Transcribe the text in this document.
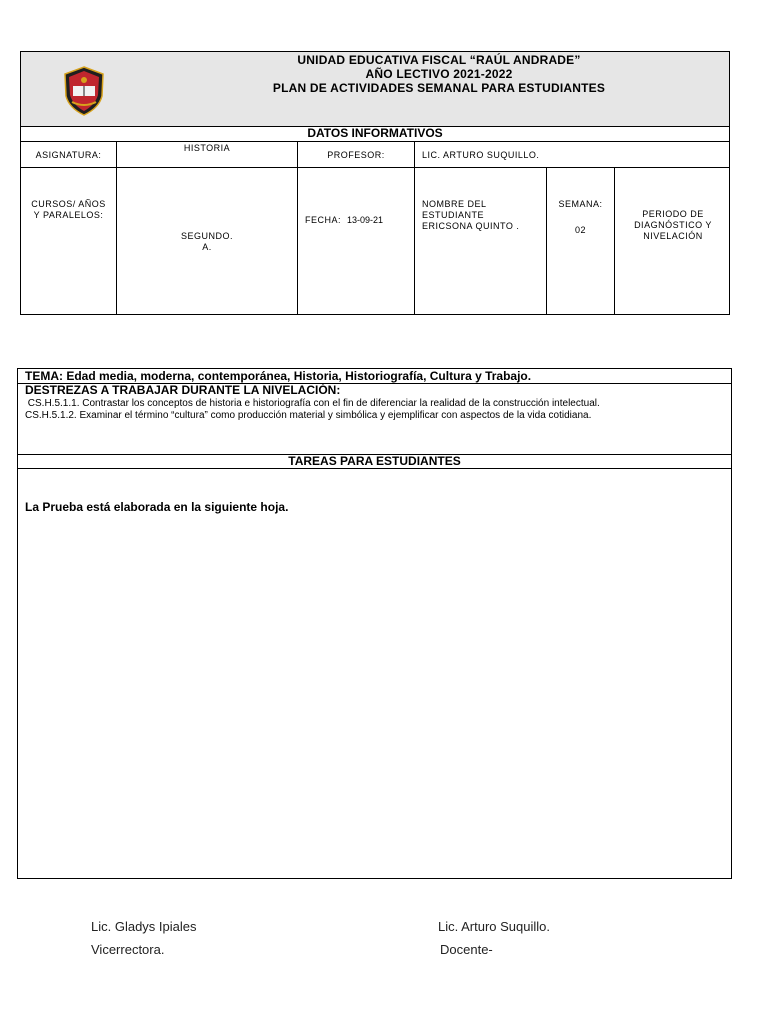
UNIDAD EDUCATIVA FISCAL “RAÚL ANDRADE”
AÑO LECTIVO 2021-2022
PLAN DE ACTIVIDADES SEMANAL PARA ESTUDIANTES
DATOS INFORMATIVOS
ASIGNATURA:
HISTORIA
PROFESOR:	LIC. ARTURO SUQUILLO.
CURSOS/ AÑOS
Y PARALELOS:
SEGUNDO.
A.
FECHA: 13-09-21
NOMBRE DEL
ESTUDIANTE
ERICSONA QUINTO .
SEMANA:
02
PERIODO DE
DIAGNÓSTICO Y
NIVELACIÓN
TEMA: Edad media, moderna, contemporánea, Historia, Historiografía, Cultura y Trabajo.
DESTREZAS A TRABAJAR DURANTE LA NIVELACIÓN:
CS.H.5.1.1. Contrastar los conceptos de historia e historiografía con el fin de diferenciar la realidad de la construcción intelectual.
CS.H.5.1.2. Examinar el término “cultura” como producción material y simbólica y ejemplificar con aspectos de la vida cotidiana.
TAREAS PARA ESTUDIANTES
La Prueba está elaborada en la siguiente hoja.
Lic. Gladys Ipiales
Vicerrectora.
Lic. Arturo Suquillo.
Docente-
